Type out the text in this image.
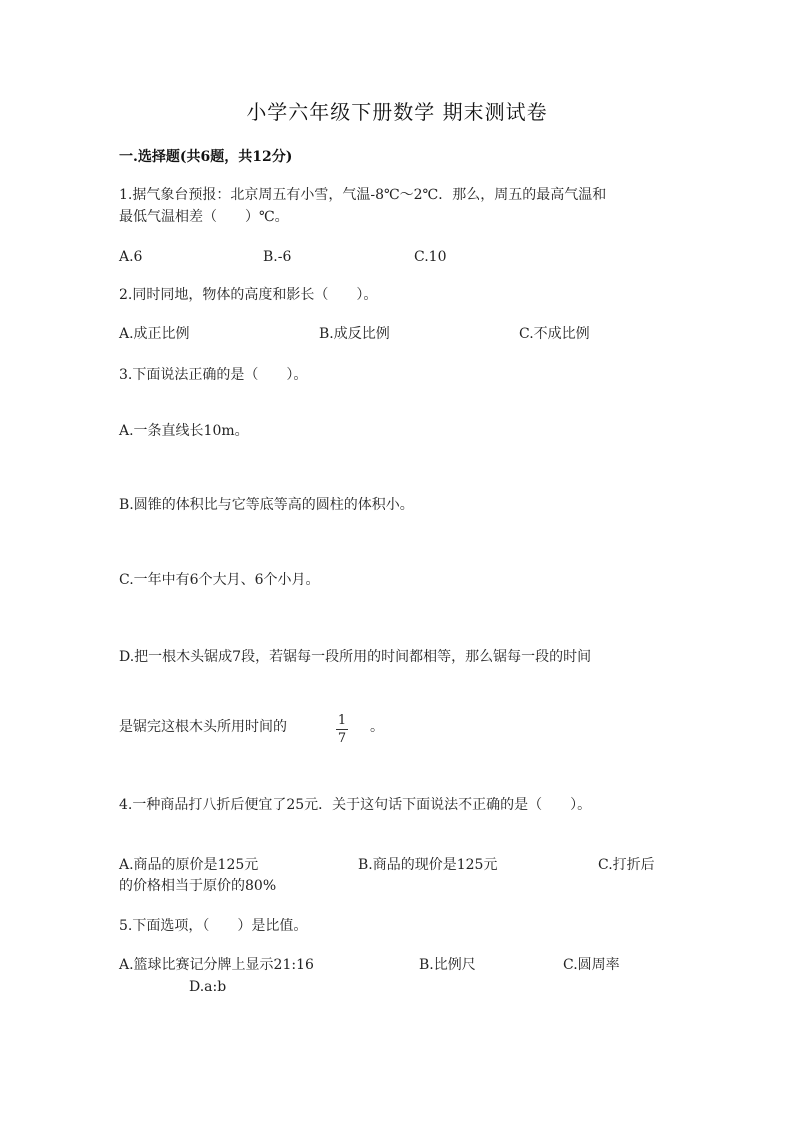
小学六年级下册数学 期末测试卷
一.选择题(共6题，共12分)
1.据气象台预报：北京周五有小雪，气温-8℃～2℃．那么，周五的最高气温和
最低气温相差（　　）℃。
A.6	B.-6	C.10
2.同时同地，物体的高度和影长（　　）。
A.成正比例	B.成反比例	C.不成比例
3.下面说法正确的是（　　）。
A.一条直线长10m。
B.圆锥的体积比与它等底等高的圆柱的体积小。
C.一年中有6个大月、6个小月。
D.把一根木头锯成7段，若锯每一段所用的时间都相等，那么锯每一段的时间
是锯完这根木头所用时间的	1
7
。
4.一种商品打八折后便宜了25元．关于这句话下面说法不正确的是（　　）。
A.商品的原价是125元	B.商品的现价是125元	C.打折后
的价格相当于原价的80%
5.下面选项，（　　）是比值。
A.篮球比赛记分牌上显示21:16	B.比例尺	C.圆周率
D.a:b
